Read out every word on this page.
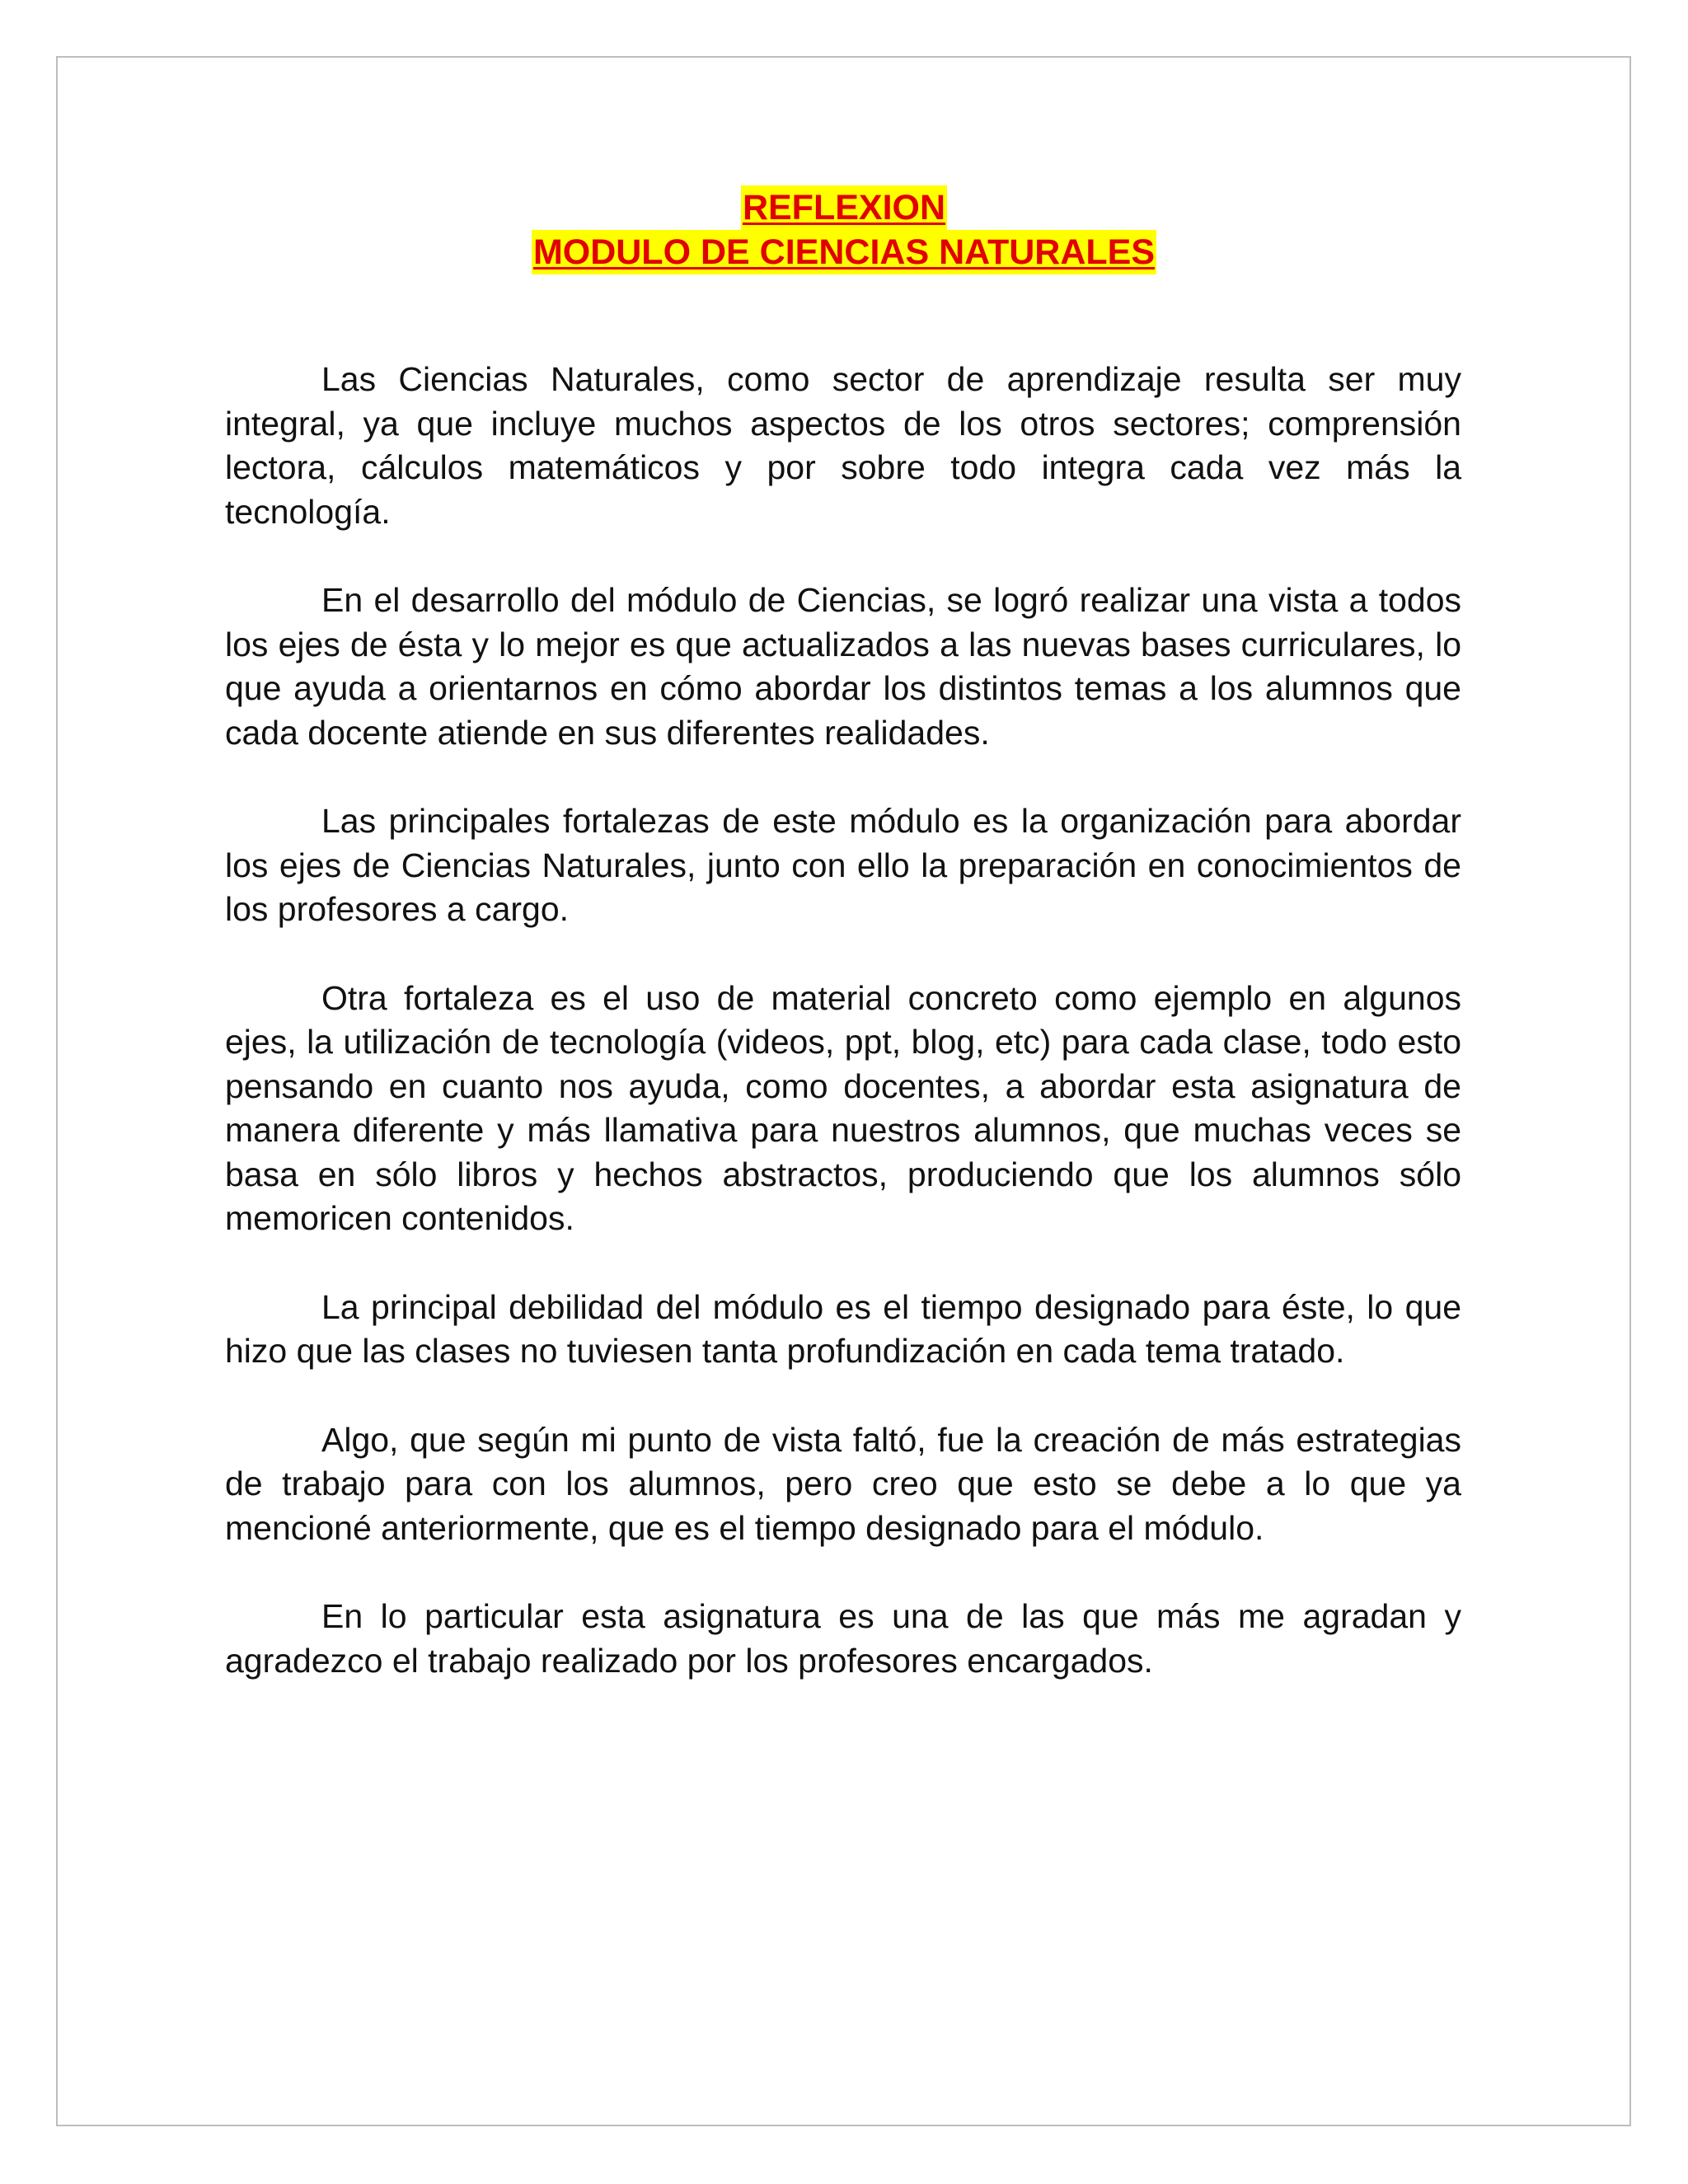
REFLEXION
MODULO DE CIENCIAS NATURALES

Las Ciencias Naturales, como sector de aprendizaje resulta ser muy integral, ya que incluye muchos aspectos de los otros sectores; comprensión lectora, cálculos matemáticos y por sobre todo integra cada vez más la tecnología.

En el desarrollo del módulo de Ciencias, se logró realizar una vista a todos los ejes de ésta y lo mejor es que actualizados a las nuevas bases curriculares, lo que ayuda a orientarnos en cómo abordar los distintos temas a los alumnos que cada docente atiende en sus diferentes realidades.

Las principales fortalezas de este módulo es la organización para abordar los ejes de Ciencias Naturales, junto con ello la preparación en conocimientos de los profesores a cargo.

Otra fortaleza es el uso de material concreto como ejemplo en algunos ejes, la utilización de tecnología (videos, ppt, blog, etc) para cada clase, todo esto pensando en cuanto nos ayuda, como docentes, a abordar esta asignatura de manera diferente y más llamativa para nuestros alumnos, que muchas veces se basa en sólo libros y hechos abstractos, produciendo que los alumnos sólo memoricen contenidos.

La principal debilidad del módulo es el tiempo designado para éste, lo que hizo que las clases no tuviesen tanta profundización en cada tema tratado.

Algo, que según mi punto de vista faltó, fue la creación de más estrategias de trabajo para con los alumnos, pero creo que esto se debe a lo que ya mencioné anteriormente, que es el tiempo designado para el módulo.

En lo particular esta asignatura es una de las que más me agradan y agradezco el trabajo realizado por los profesores encargados.
